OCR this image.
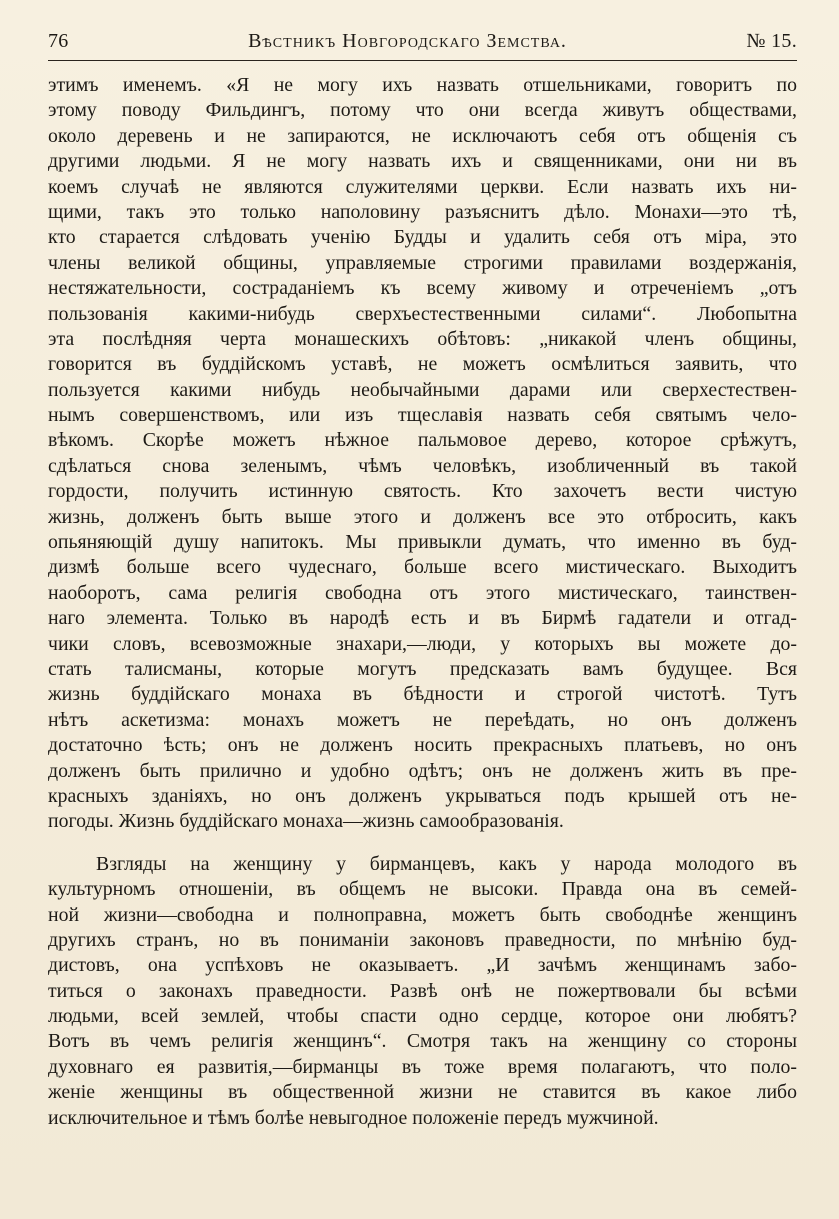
76	Вѣстникъ Новгородскаго Земства.	№ 15.
этимъ именемъ. «Я не могу ихъ назвать отшельниками, говоритъ по
этому поводу Фильдингъ, потому что они всегда живутъ обществами,
около деревень и не запираются, не исключаютъ себя отъ общенія съ
другими людьми. Я не могу назвать ихъ и священниками, они ни въ
коемъ случаѣ не являются служителями церкви. Если назвать ихъ ни-
щими, такъ это только наполовину разъяснитъ дѣло. Монахи—это тѣ,
кто старается слѣдовать ученію Будды и удалить себя отъ міра, это
члены великой общины, управляемые строгими правилами воздержанія,
нестяжательности, состраданіемъ къ всему живому и отреченіемъ „отъ
пользованія какими-нибудь сверхъестественными силами“. Любопытна
эта послѣдняя черта монашескихъ обѣтовъ: „никакой членъ общины,
говорится въ буддійскомъ уставѣ, не можетъ осмѣлиться заявить, что
пользуется какими нибудь необычайными дарами или сверхестествен-
нымъ совершенствомъ, или изъ тщеславія назвать себя святымъ чело-
вѣкомъ. Скорѣе можетъ нѣжное пальмовое дерево, которое срѣжутъ,
сдѣлаться снова зеленымъ, чѣмъ человѣкъ, изобличенный въ такой
гордости, получить истинную святость. Кто захочетъ вести чистую
жизнь, долженъ быть выше этого и долженъ все это отбросить, какъ
опьяняющій душу напитокъ. Мы привыкли думать, что именно въ буд-
дизмѣ больше всего чудеснаго, больше всего мистическаго. Выходитъ
наоборотъ, сама религія свободна отъ этого мистическаго, таинствен-
наго элемента. Только въ народѣ есть и въ Бирмѣ гадатели и отгад-
чики словъ, всевозможные знахари,—люди, у которыхъ вы можете до-
стать талисманы, которые могутъ предсказать вамъ будущее. Вся
жизнь буддійскаго монаха въ бѣдности и строгой чистотѣ. Тутъ
нѣтъ аскетизма: монахъ можетъ не переѣдать, но онъ долженъ
достаточно ѣсть; онъ не долженъ носить прекрасныхъ платьевъ, но онъ
долженъ быть прилично и удобно одѣтъ; онъ не долженъ жить въ пре-
красныхъ зданіяхъ, но онъ долженъ укрываться подъ крышей отъ не-
погоды. Жизнь буддійскаго монаха—жизнь самообразованія.
Взгляды на женщину у бирманцевъ, какъ у народа молодого въ
культурномъ отношеніи, въ общемъ не высоки. Правда она въ семей-
ной жизни—свободна и полноправна, можетъ быть свободнѣе женщинъ
другихъ странъ, но въ пониманіи законовъ праведности, по мнѣнію буд-
дистовъ, она успѣховъ не оказываетъ. „И зачѣмъ женщинамъ забо-
титься о законахъ праведности. Развѣ онѣ не пожертвовали бы всѣми
людьми, всей землей, чтобы спасти одно сердце, которое они любятъ?
Вотъ въ чемъ религія женщинъ“. Смотря такъ на женщину со стороны
духовнаго ея развитія,—бирманцы въ тоже время полагаютъ, что поло-
женіе женщины въ общественной жизни не ставится въ какое либо
исключительное и тѣмъ болѣе невыгодное положеніе передъ мужчиной.
